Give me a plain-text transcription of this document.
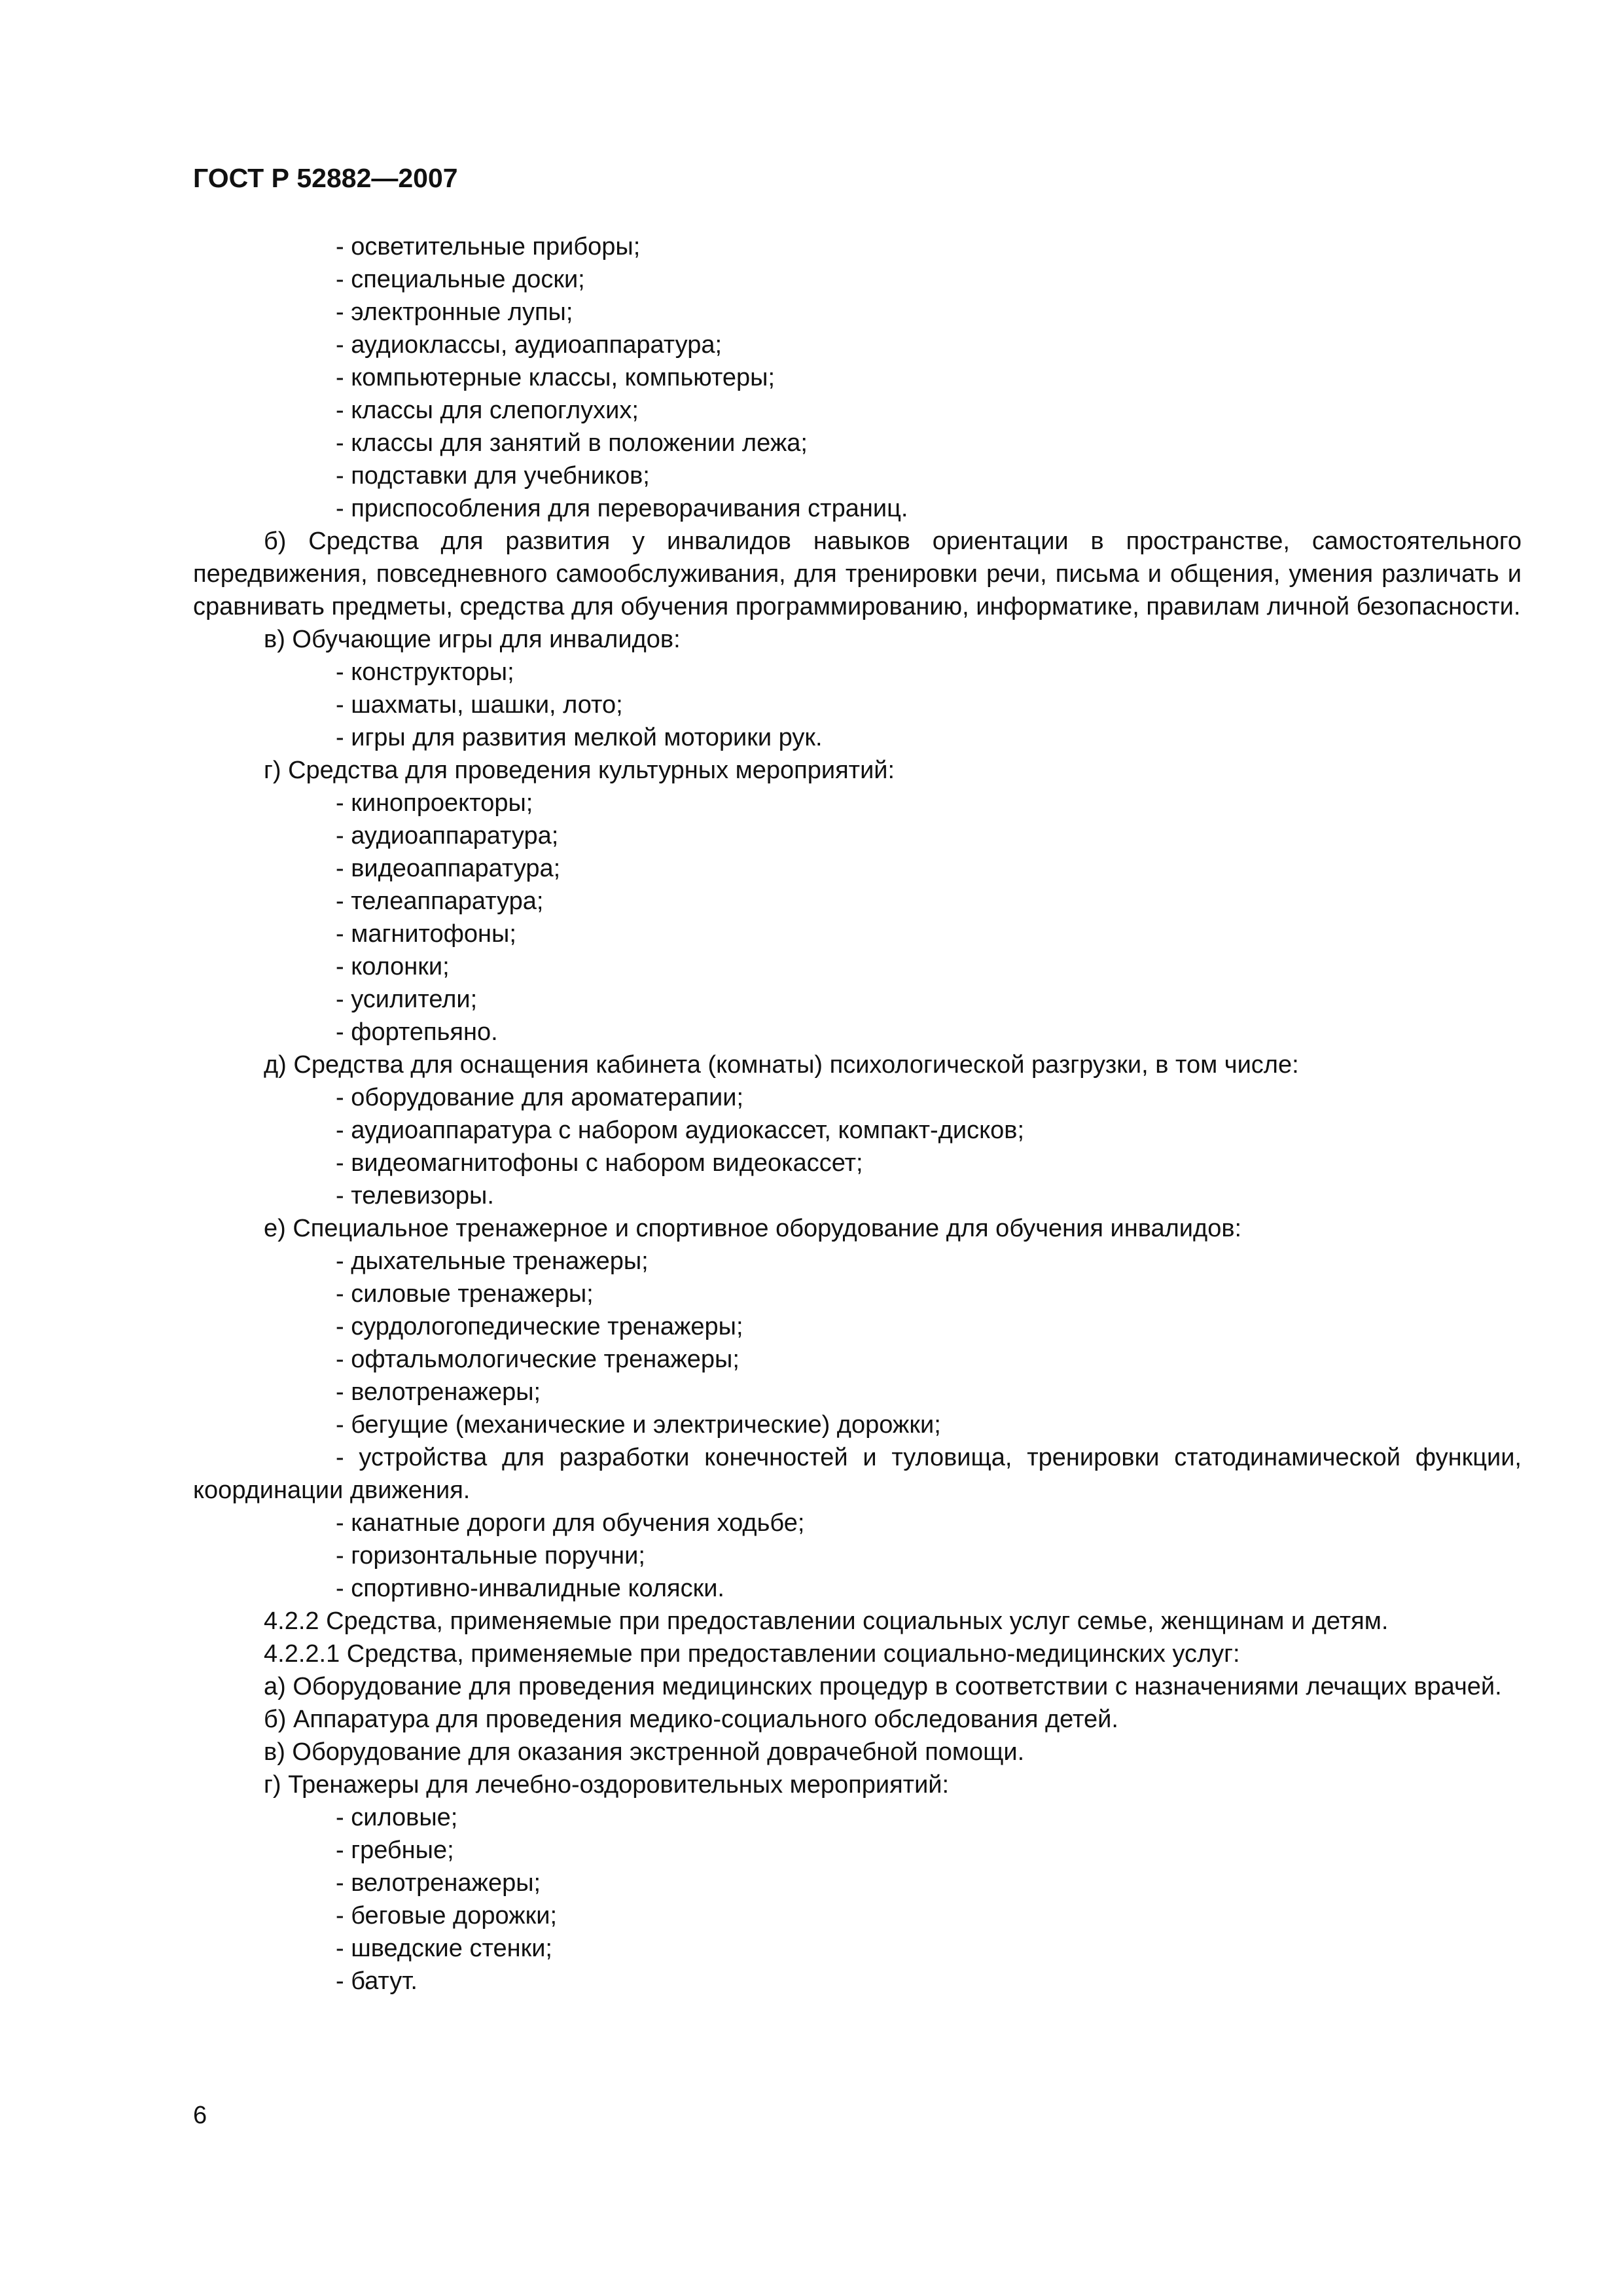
ГОСТ Р 52882—2007
- осветительные приборы;
- специальные доски;
- электронные лупы;
- аудиоклассы, аудиоаппаратура;
- компьютерные классы, компьютеры;
- классы для слепоглухих;
- классы для занятий в положении лежа;
- подставки для учебников;
- приспособления для переворачивания страниц.
б) Средства для развития у инвалидов навыков ориентации в пространстве, самостоятельного передвижения, повседневного самообслуживания, для тренировки речи, письма и общения, умения различать и сравнивать предметы, средства для обучения программированию, информатике, правилам личной безопасности.
в) Обучающие игры для инвалидов:
- конструкторы;
- шахматы, шашки, лото;
- игры для развития мелкой моторики рук.
г) Средства для проведения культурных мероприятий:
- кинопроекторы;
- аудиоаппаратура;
- видеоаппаратура;
- телеаппаратура;
- магнитофоны;
- колонки;
- усилители;
- фортепьяно.
д) Средства для оснащения кабинета (комнаты) психологической разгрузки, в том числе:
- оборудование для ароматерапии;
- аудиоаппаратура с набором аудиокассет, компакт-дисков;
- видеомагнитофоны с набором видеокассет;
- телевизоры.
е) Специальное тренажерное и спортивное оборудование для обучения инвалидов:
- дыхательные тренажеры;
- силовые тренажеры;
- сурдологопедические тренажеры;
- офтальмологические тренажеры;
- велотренажеры;
- бегущие (механические и электрические) дорожки;
- устройства для разработки конечностей и туловища, тренировки статодинамической функции, координации движения.
- канатные дороги для обучения ходьбе;
- горизонтальные поручни;
- спортивно-инвалидные коляски.
4.2.2 Средства, применяемые при предоставлении социальных услуг семье, женщинам и детям.
4.2.2.1 Средства, применяемые при предоставлении социально-медицинских услуг:
а) Оборудование для проведения медицинских процедур в соответствии с назначениями лечащих врачей.
б) Аппаратура для проведения медико-социального обследования детей.
в) Оборудование для оказания экстренной доврачебной помощи.
г) Тренажеры для лечебно-оздоровительных мероприятий:
- силовые;
- гребные;
- велотренажеры;
- беговые дорожки;
- шведские стенки;
- батут.
6
